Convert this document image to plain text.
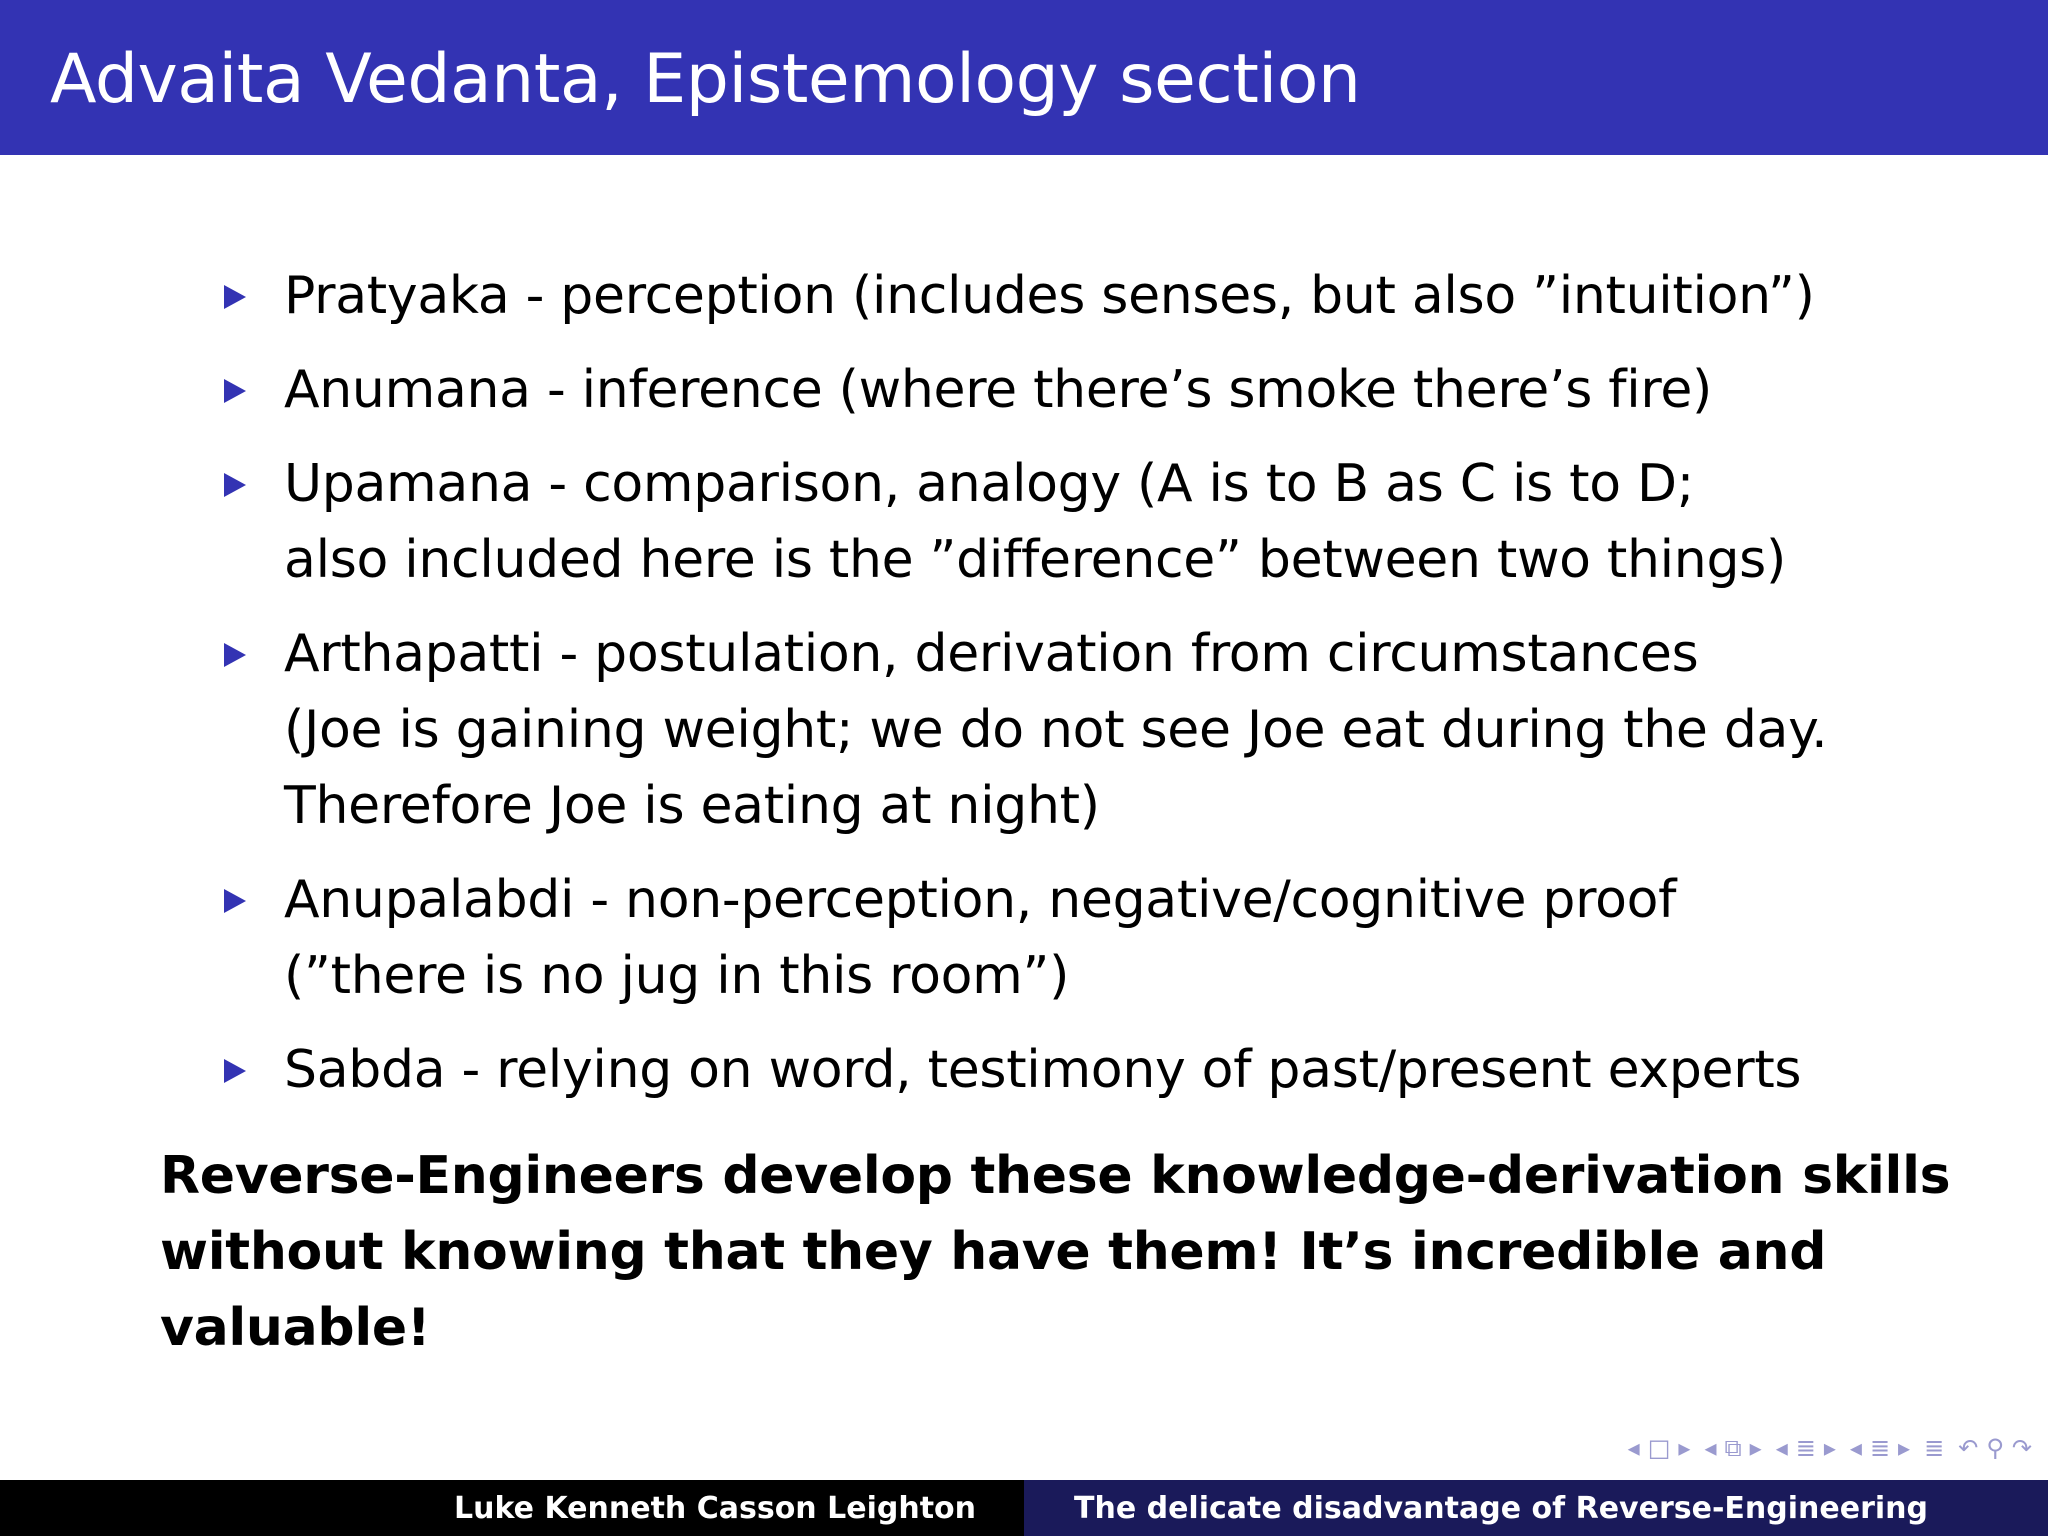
Advaita Vedanta, Epistemology section
Pratyaka - perception (includes senses, but also ”intuition”)
Anumana - inference (where there’s smoke there’s fire)
Upamana - comparison, analogy (A is to B as C is to D;
also included here is the ”difference” between two things)
Arthapatti - postulation, derivation from circumstances
(Joe is gaining weight; we do not see Joe eat during the day.
Therefore Joe is eating at night)
Anupalabdi - non-perception, negative/cognitive proof
(”there is no jug in this room”)
Sabda - relying on word, testimony of past/present experts
Reverse-Engineers develop these knowledge-derivation skills
without knowing that they have them! It’s incredible and
valuable!
◂ □ ▸ ◂ ⧉ ▸ ◂ ≣ ▸ ◂ ≣ ▸ ≣ ↶ ⚲ ↷
Luke Kenneth Casson Leighton	The delicate disadvantage of Reverse-Engineering
